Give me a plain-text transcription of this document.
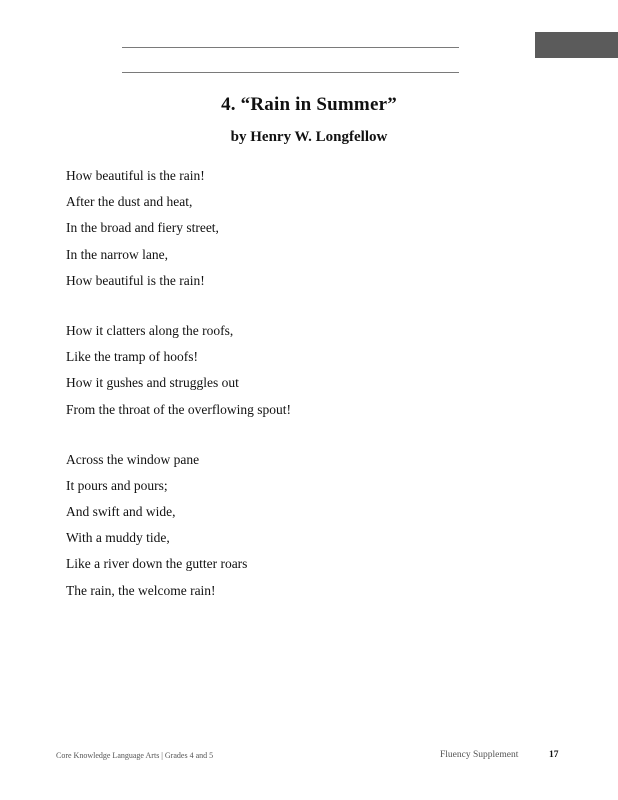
4. “Rain in Summer”
by Henry W. Longfellow
How beautiful is the rain!
After the dust and heat,
In the broad and fiery street,
In the narrow lane,
How beautiful is the rain!
How it clatters along the roofs,
Like the tramp of hoofs!
How it gushes and struggles out
From the throat of the overflowing spout!
Across the window pane
It pours and pours;
And swift and wide,
With a muddy tide,
Like a river down the gutter roars
The rain, the welcome rain!
Core Knowledge Language Arts | Grades 4 and 5	Fluency Supplement	17
